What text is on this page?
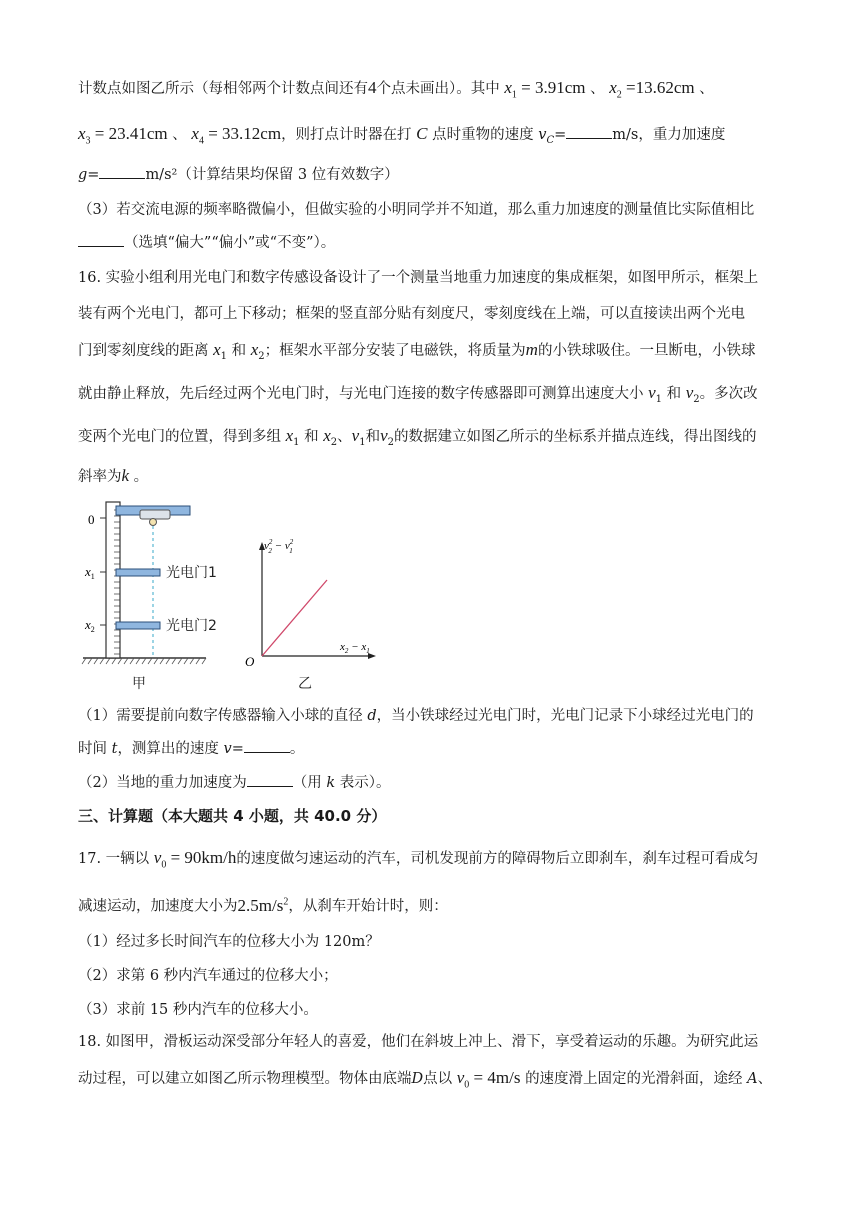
计数点如图乙所示（每相邻两个计数点间还有4个点未画出）。其中 $x_1 = 3.91cm$ 、 $x_2 =13.62cm$ 、
$x_3 = 23.41cm$ 、 $x_4 = 33.12cm$，则打点计时器在打 C 点时重物的速度 $v_C=$	m/s，重力加速度
g=	m/s²（计算结果均保留 3 位有效数字）
（3）若交流电源的频率略微偏小，但做实验的小明同学并不知道，那么重力加速度的测量值比实际值相比
（选填“偏大”“偏小”或“不变”）。
16. 实验小组利用光电门和数字传感设备设计了一个测量当地重力加速度的集成框架，如图甲所示，框架上
装有两个光电门，都可上下移动；框架的竖直部分贴有刻度尺，零刻度线在上端，可以直接读出两个光电
门到零刻度线的距离 $x_1$ 和 $x_2$；框架水平部分安装了电磁铁，将质量为m的小铁球吸住。一旦断电，小铁球
就由静止释放，先后经过两个光电门时，与光电门连接的数字传感器即可测算出速度大小 $v_1$ 和 $v_2$。多次改
变两个光电门的位置，得到多组 $x_1$ 和 $x_2$、$v_1$和$v_2$的数据建立如图乙所示的坐标系并描点连线，得出图线的
斜率为k 。
0
$x_1$
$x_2$
光电门1
光电门2
甲
$v^2$ $2 - v^2$ 1
$x_2 - x_1$
O
乙
（1）需要提前向数字传感器输入小球的直径 d，当小铁球经过光电门时，光电门记录下小球经过光电门的
时间 t，测算出的速度 v=	。
（2）当地的重力加速度为	（用 k 表示）。
三、计算题（本大题共 4 小题，共 40.0 分）
17. 一辆以 $v_0 = 90km/h$的速度做匀速运动的汽车，司机发现前方的障碍物后立即刹车，刹车过程可看成匀
减速运动，加速度大小为$2.5m/s^2$，从刹车开始计时，则：
（1）经过多长时间汽车的位移大小为 120m？
（2）求第 6 秒内汽车通过的位移大小；
（3）求前 15 秒内汽车的位移大小。
18. 如图甲，滑板运动深受部分年轻人的喜爱，他们在斜坡上冲上、滑下，享受着运动的乐趣。为研究此运
动过程，可以建立如图乙所示物理模型。物体由底端D点以 $v_0 = 4m/s$ 的速度滑上固定的光滑斜面，途经 A、
